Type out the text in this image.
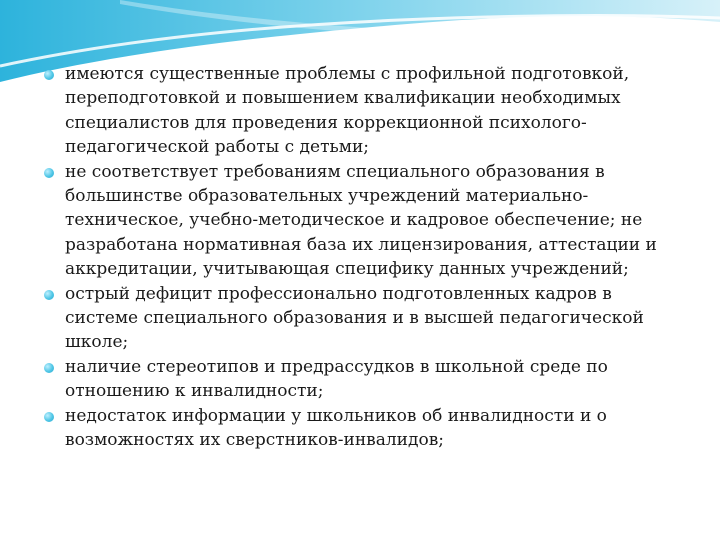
имеются существенные проблемы с профильной подготовкой, переподготовкой и повышением квалификации необходимых специалистов для проведения коррекционной психолого-педагогической работы с детьми;
не соответствует требованиям специального образования в большинстве образовательных учреждений материально-техническое, учебно-методическое и кадровое обеспечение; не разработана нормативная база их лицензирования, аттестации и аккредитации, учитывающая специфику данных учреждений;
острый дефицит профессионально подготовленных кадров в системе специального образования и в высшей педагогической школе;
наличие стереотипов и предрассудков в школьной среде по отношению к инвалидности;
недостаток информации у школьников об инвалидности и о возможностях их сверстников-инвалидов;
